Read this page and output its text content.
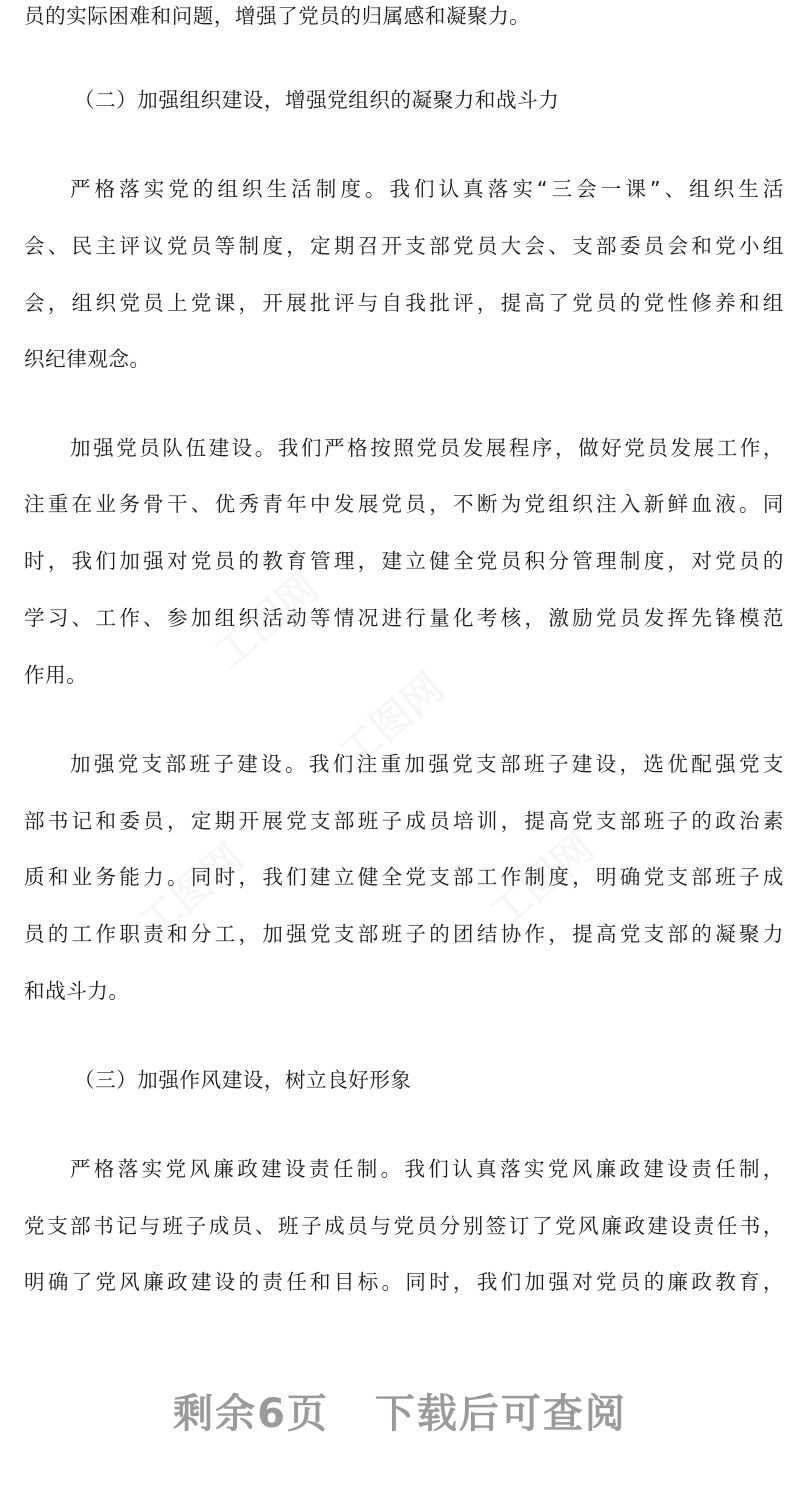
工图网
工图网
工图网	工图网
员的实际困难和问题，增强了党员的归属感和凝聚力。
（二）加强组织建设，增强党组织的凝聚力和战斗力
严格落实党的组织生活制度。我们认真落实“三会一课”、组织生活
会、民主评议党员等制度，定期召开支部党员大会、支部委员会和党小组
会，组织党员上党课，开展批评与自我批评，提高了党员的党性修养和组
织纪律观念。
加强党员队伍建设。我们严格按照党员发展程序，做好党员发展工作，
注重在业务骨干、优秀青年中发展党员，不断为党组织注入新鲜血液。同
时，我们加强对党员的教育管理，建立健全党员积分管理制度，对党员的
学习、工作、参加组织活动等情况进行量化考核，激励党员发挥先锋模范
作用。
加强党支部班子建设。我们注重加强党支部班子建设，选优配强党支
部书记和委员，定期开展党支部班子成员培训，提高党支部班子的政治素
质和业务能力。同时，我们建立健全党支部工作制度，明确党支部班子成
员的工作职责和分工，加强党支部班子的团结协作，提高党支部的凝聚力
和战斗力。
（三）加强作风建设，树立良好形象
严格落实党风廉政建设责任制。我们认真落实党风廉政建设责任制，
党支部书记与班子成员、班子成员与党员分别签订了党风廉政建设责任书，
明确了党风廉政建设的责任和目标。同时，我们加强对党员的廉政教育，
剩余6页 下载后可查阅
